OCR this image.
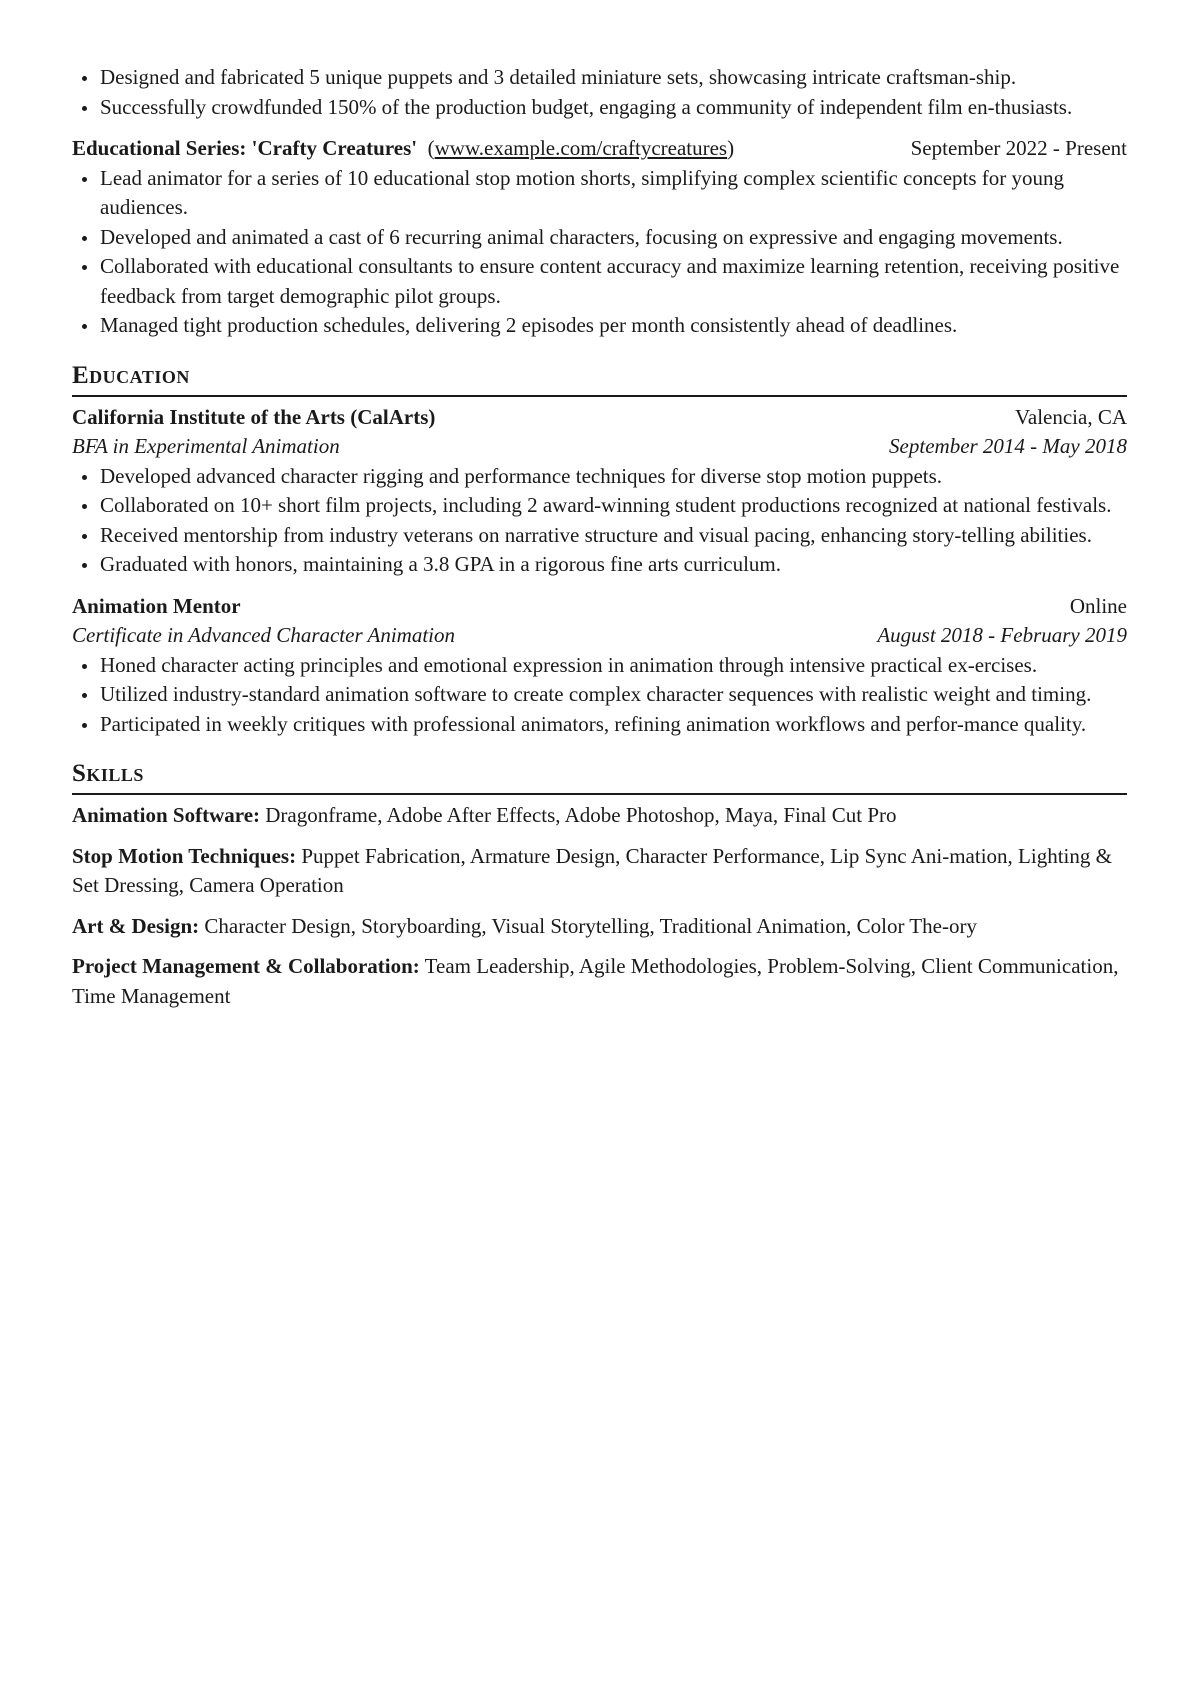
Designed and fabricated 5 unique puppets and 3 detailed miniature sets, showcasing intricate craftsman-ship.
Successfully crowdfunded 150% of the production budget, engaging a community of independent film en-thusiasts.
Educational Series: 'Crafty Creatures' (www.example.com/craftycreatures)	September 2022 - Present
Lead animator for a series of 10 educational stop motion shorts, simplifying complex scientific concepts for young audiences.
Developed and animated a cast of 6 recurring animal characters, focusing on expressive and engaging movements.
Collaborated with educational consultants to ensure content accuracy and maximize learning retention, receiving positive feedback from target demographic pilot groups.
Managed tight production schedules, delivering 2 episodes per month consistently ahead of deadlines.
Education
California Institute of the Arts (CalArts)	Valencia, CA
BFA in Experimental Animation	September 2014 - May 2018
Developed advanced character rigging and performance techniques for diverse stop motion puppets.
Collaborated on 10+ short film projects, including 2 award-winning student productions recognized at national festivals.
Received mentorship from industry veterans on narrative structure and visual pacing, enhancing story-telling abilities.
Graduated with honors, maintaining a 3.8 GPA in a rigorous fine arts curriculum.
Animation Mentor	Online
Certificate in Advanced Character Animation	August 2018 - February 2019
Honed character acting principles and emotional expression in animation through intensive practical ex-ercises.
Utilized industry-standard animation software to create complex character sequences with realistic weight and timing.
Participated in weekly critiques with professional animators, refining animation workflows and perfor-mance quality.
Skills
Animation Software: Dragonframe, Adobe After Effects, Adobe Photoshop, Maya, Final Cut Pro
Stop Motion Techniques: Puppet Fabrication, Armature Design, Character Performance, Lip Sync Ani-mation, Lighting & Set Dressing, Camera Operation
Art & Design: Character Design, Storyboarding, Visual Storytelling, Traditional Animation, Color The-ory
Project Management & Collaboration: Team Leadership, Agile Methodologies, Problem-Solving, Client Communication, Time Management
